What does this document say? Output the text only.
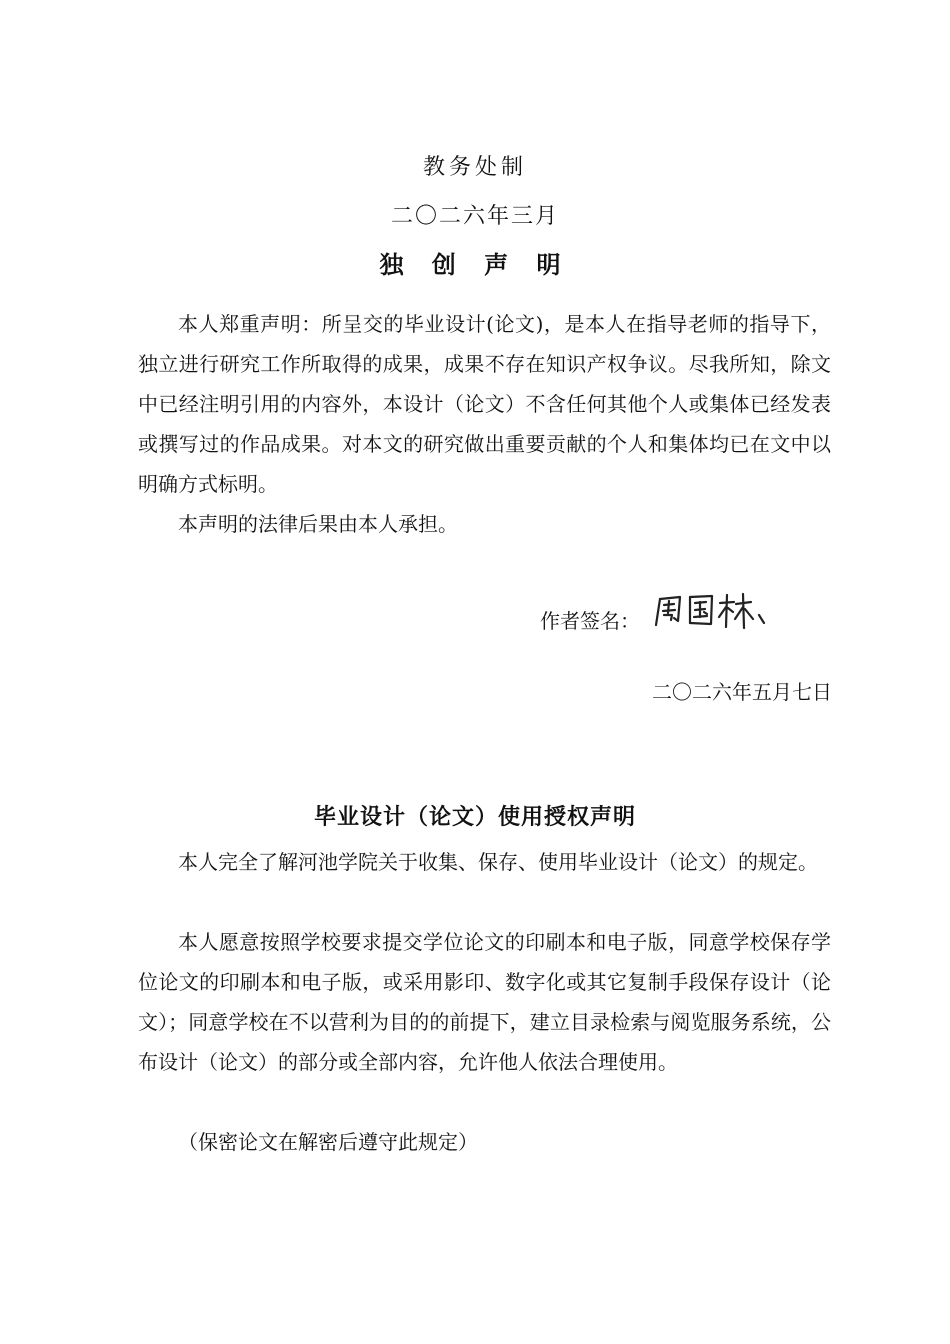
教务处制
二〇二六年三月
独 创 声 明

本人郑重声明：所呈交的毕业设计(论文)，是本人在指导老师的指导下，独立进行研究工作所取得的成果，成果不存在知识产权争议。尽我所知，除文中已经注明引用的内容外，本设计（论文）不含任何其他个人或集体已经发表或撰写过的作品成果。对本文的研究做出重要贡献的个人和集体均已在文中以明确方式标明。

本声明的法律后果由本人承担。

作者签名：
二〇二六年五月七日
毕业设计（论文）使用授权声明

本人完全了解河池学院关于收集、保存、使用毕业设计（论文）的规定。

本人愿意按照学校要求提交学位论文的印刷本和电子版，同意学校保存学位论文的印刷本和电子版，或采用影印、数字化或其它复制手段保存设计（论文）；同意学校在不以营利为目的的前提下，建立目录检索与阅览服务系统，公布设计（论文）的部分或全部内容，允许他人依法合理使用。

（保密论文在解密后遵守此规定）
